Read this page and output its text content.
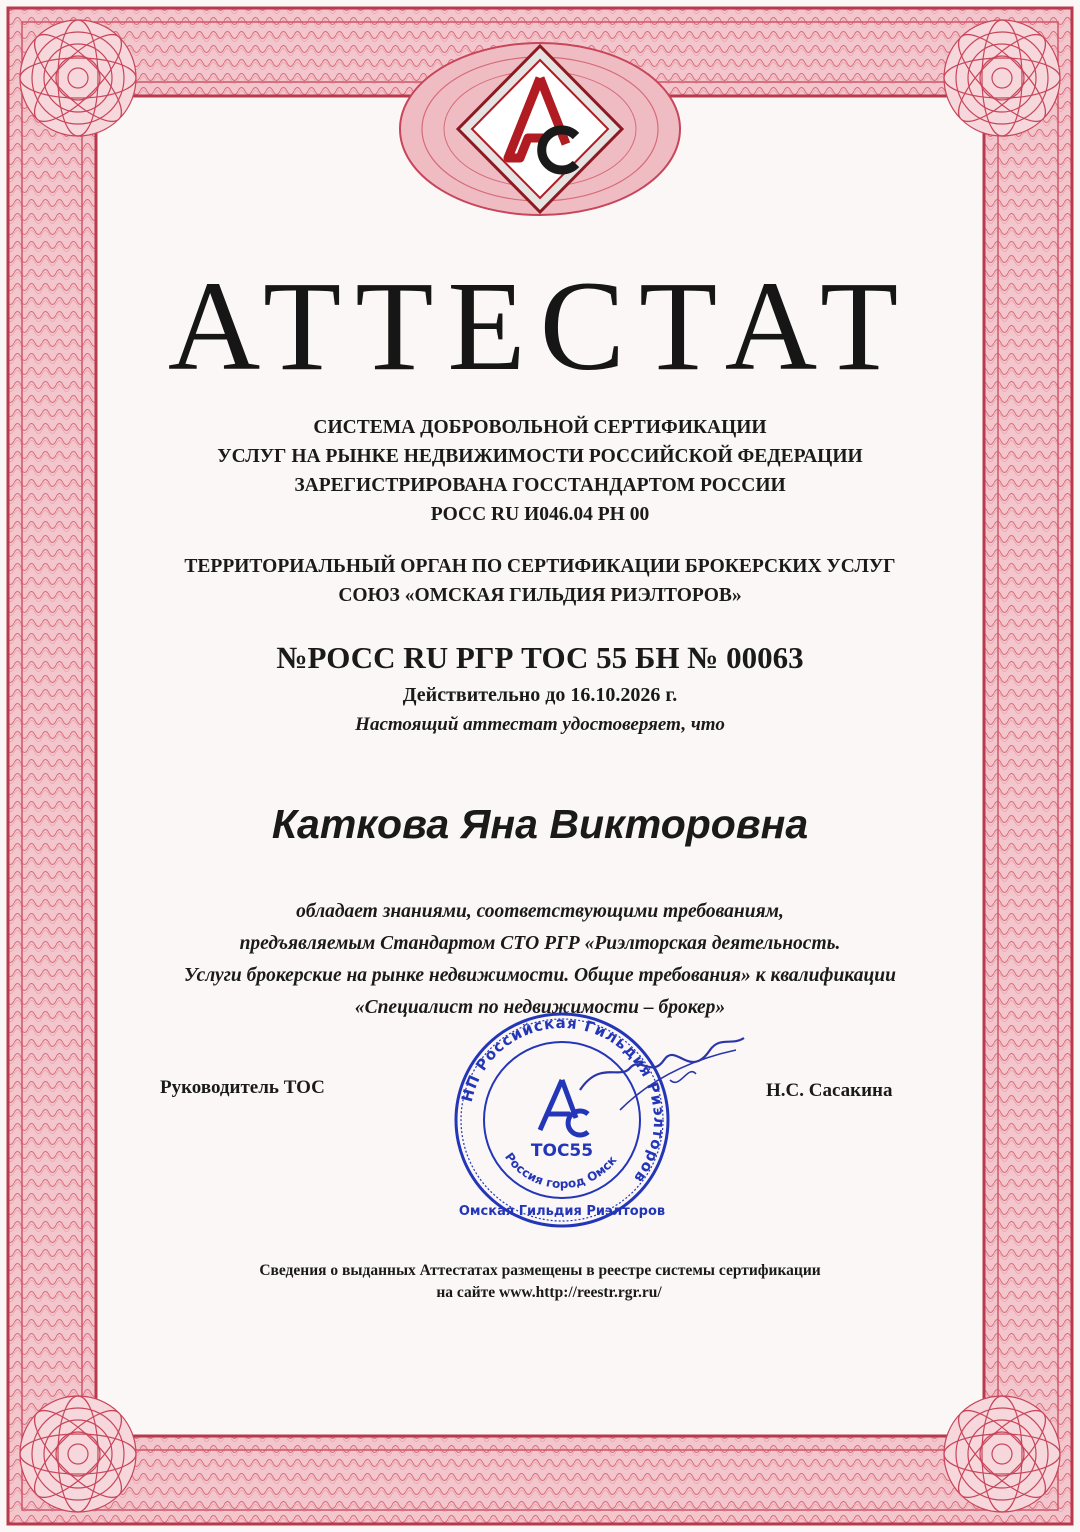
АТТЕСТАТ
СИСТЕМА ДОБРОВОЛЬНОЙ СЕРТИФИКАЦИИ
УСЛУГ НА РЫНКЕ НЕДВИЖИМОСТИ РОССИЙСКОЙ ФЕДЕРАЦИИ
ЗАРЕГИСТРИРОВАНА ГОССТАНДАРТОМ РОССИИ
РОСС RU И046.04 РН 00
ТЕРРИТОРИАЛЬНЫЙ ОРГАН ПО СЕРТИФИКАЦИИ БРОКЕРСКИХ УСЛУГ
СОЮЗ «ОМСКАЯ ГИЛЬДИЯ РИЭЛТОРОВ»
№РОСС RU РГР ТОС 55 БН № 00063
Действительно до 16.10.2026 г.
Настоящий аттестат удостоверяет, что
Каткова Яна Викторовна
обладает знаниями, соответствующими требованиям,
предъявляемым Стандартом СТО РГР «Риэлторская деятельность.
Услуги брокерские на рынке недвижимости. Общие требования» к квалификации
«Специалист по недвижимости – брокер»
Руководитель ТОС	Н.С. Сасакина
НП Российская Гильдия Риэлторов
Россия город Омск
Омская Гильдия Риэлторов
ТОС55
Сведения о выданных Аттестатах размещены в реестре системы сертификации
на сайте www.http://reestr.rgr.ru/
